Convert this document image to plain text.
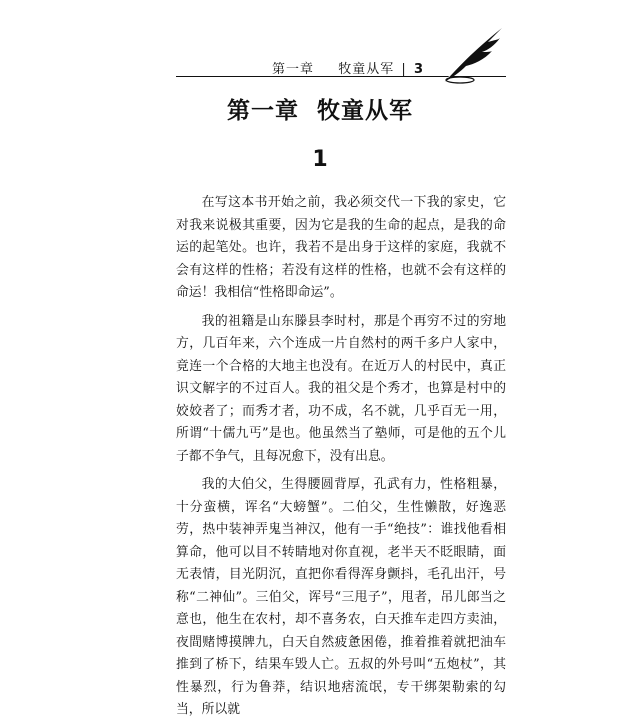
第一章 牧童从军 | 3
第一章 牧童从军
1

在写这本书开始之前，我必须交代一下我的家史，它对我来说极其重要，因为它是我的生命的起点，是我的命运的起笔处。也许，我若不是出身于这样的家庭，我就不会有这样的性格；若没有这样的性格，也就不会有这样的命运！我相信“性格即命运”。

我的祖籍是山东滕县李时村，那是个再穷不过的穷地方，几百年来，六个连成一片自然村的两千多户人家中，竟连一个合格的大地主也没有。在近万人的村民中，真正识文解字的不过百人。我的祖父是个秀才，也算是村中的姣姣者了；而秀才者，功不成，名不就，几乎百无一用，所谓“十儒九丐”是也。他虽然当了塾师，可是他的五个儿子都不争气，且每况愈下，没有出息。

我的大伯父，生得腰圆背厚，孔武有力，性格粗暴，十分蛮横，诨名“大螃蟹”。二伯父，生性懒散，好逸恶劳，热中装神弄鬼当神汉，他有一手“绝技”：谁找他看相算命，他可以目不转睛地对你直视，老半天不眨眼睛，面无表情，目光阴沉，直把你看得浑身颤抖，毛孔出汗，号称“二神仙”。三伯父，诨号“三甩子”，甩者，吊儿郎当之意也，他生在农村，却不喜务农，白天推车走四方卖油，夜間赌博摸牌九，白天自然疲惫困倦，推着推着就把油车推到了桥下，结果车毁人亡。五叔的外号叫“五炮杖”，其性暴烈，行为鲁莽，结识地痞流氓，专干绑架勒索的勾当，所以就
